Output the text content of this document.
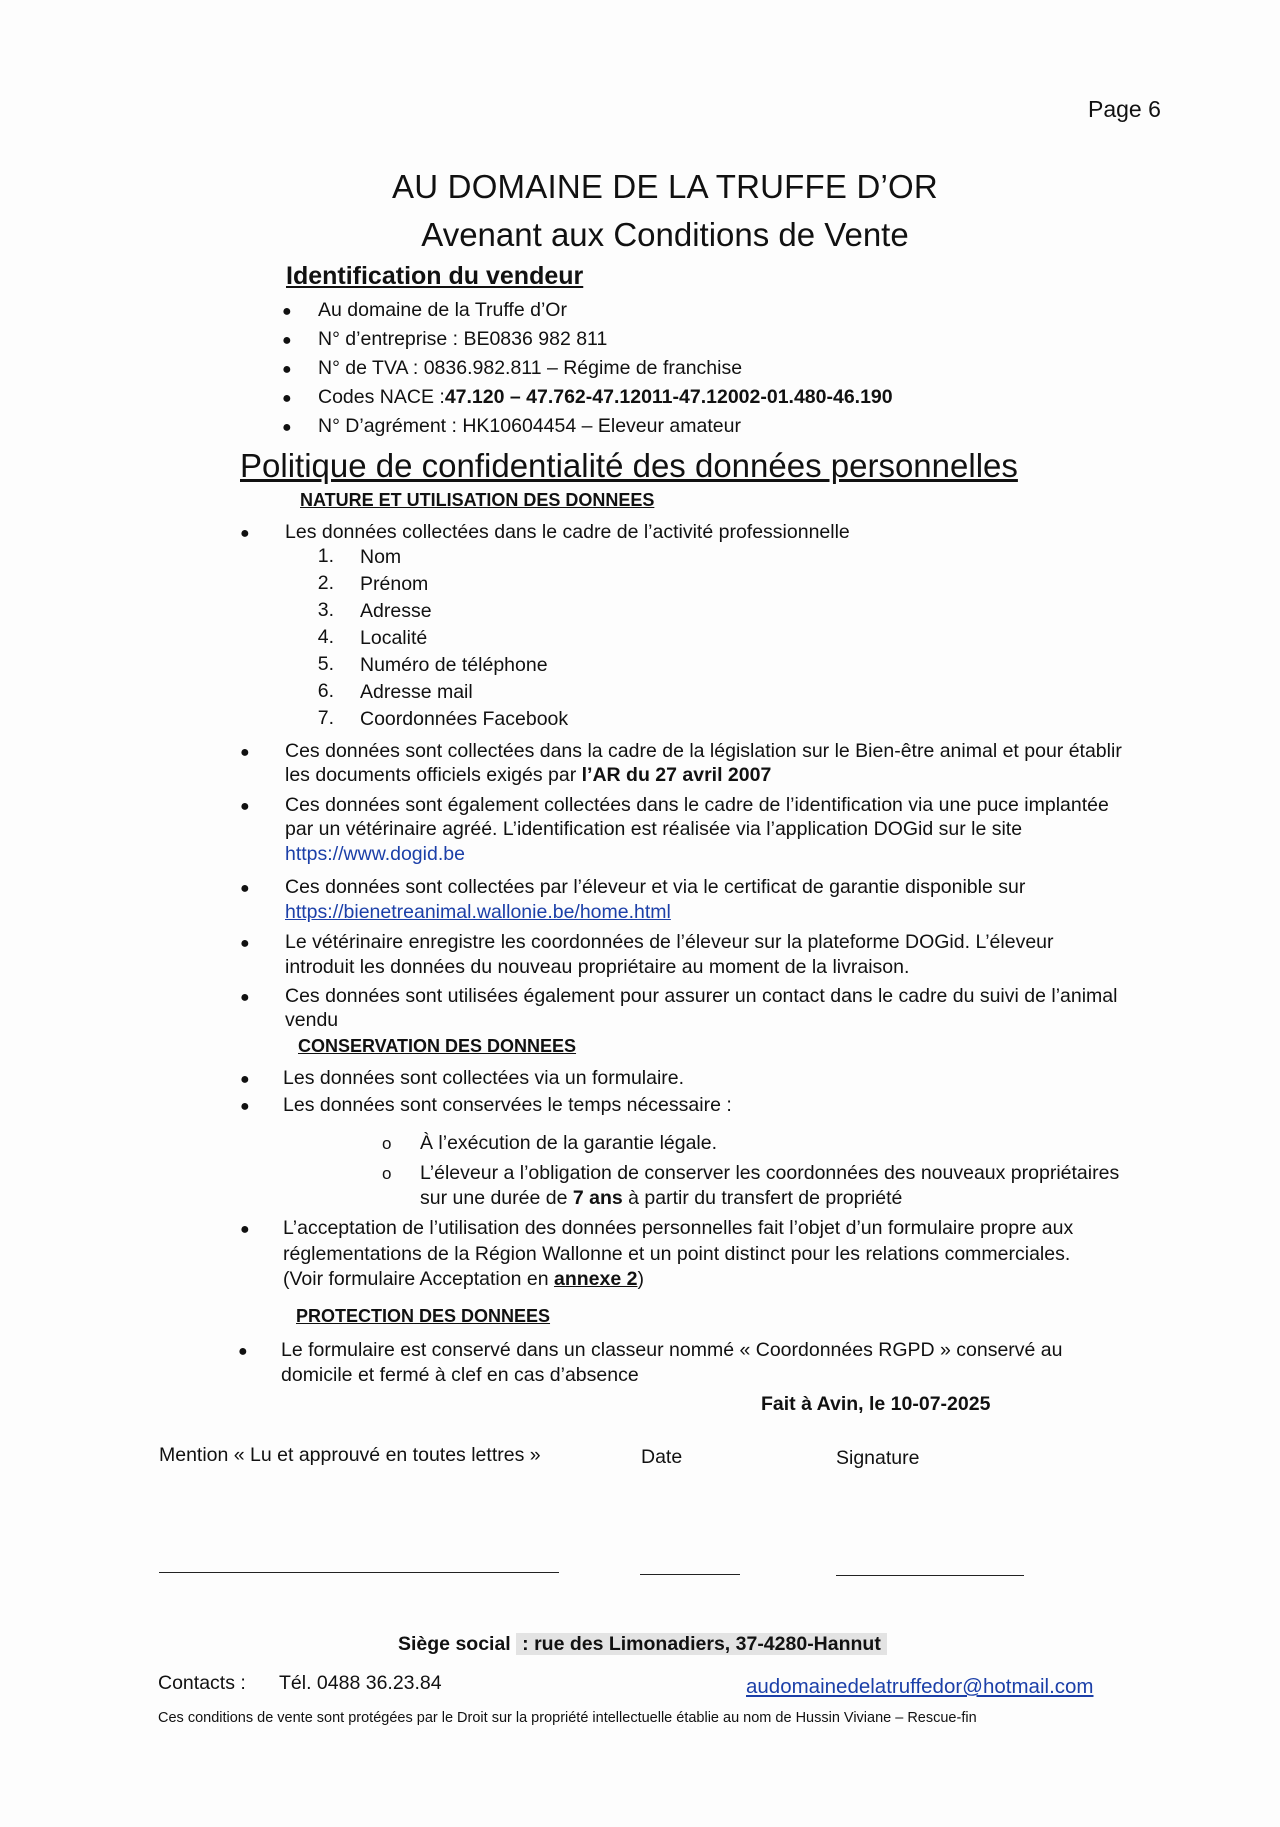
Page 6

AU DOMAINE DE LA TRUFFE D’OR

Avenant aux Conditions de Vente

Identification du vendeur

● Au domaine de la Truffe d’Or

● N° d’entreprise : BE0836 982 811

● N° de TVA : 0836.982.811 – Régime de franchise

● Codes NACE :47.120 – 47.762-47.12011-47.12002-01.480-46.190

● N° D’agrément : HK10604454 – Eleveur amateur

Politique de confidentialité des données personnelles

NATURE ET UTILISATION DES DONNEES

● Les données collectées dans le cadre de l’activité professionnelle

1. Nom

2. Prénom

3. Adresse

4. Localité

5. Numéro de téléphone

6. Adresse mail

7. Coordonnées Facebook

● Ces données sont collectées dans la cadre de la législation sur le Bien-être animal et pour établir

les documents officiels exigés par l’AR du 27 avril 2007

● Ces données sont également collectées dans le cadre de l’identification via une puce implantée

par un vétérinaire agréé. L’identification est réalisée via l’application DOGid sur le site

https://www.dogid.be

● Ces données sont collectées par l’éleveur et via le certificat de garantie disponible sur

https://bienetreanimal.wallonie.be/home.html

● Le vétérinaire enregistre les coordonnées de l’éleveur sur la plateforme DOGid. L’éleveur

introduit les données du nouveau propriétaire au moment de la livraison.

● Ces données sont utilisées également pour assurer un contact dans le cadre du suivi de l’animal

vendu

CONSERVATION DES DONNEES

● Les données sont collectées via un formulaire.

● Les données sont conservées le temps nécessaire :

o À l’exécution de la garantie légale.

o L’éleveur a l’obligation de conserver les coordonnées des nouveaux propriétaires

sur une durée de 7 ans à partir du transfert de propriété

● L’acceptation de l’utilisation des données personnelles fait l’objet d’un formulaire propre aux

réglementations de la Région Wallonne et un point distinct pour les relations commerciales.

(Voir formulaire Acceptation en annexe 2)

PROTECTION DES DONNEES

● Le formulaire est conservé dans un classeur nommé « Coordonnées RGPD » conservé au

domicile et fermé à clef en cas d’absence

Fait à Avin, le 10-07-2025

Mention « Lu et approuvé en toutes lettres »	Date	Signature

Siège social : rue des Limonadiers, 37-4280-Hannut

Contacts : Tél. 0488 36.23.84	audomainedelatruffedor@hotmail.com

Ces conditions de vente sont protégées par le Droit sur la propriété intellectuelle établie au nom de Hussin Viviane – Rescue-fin
